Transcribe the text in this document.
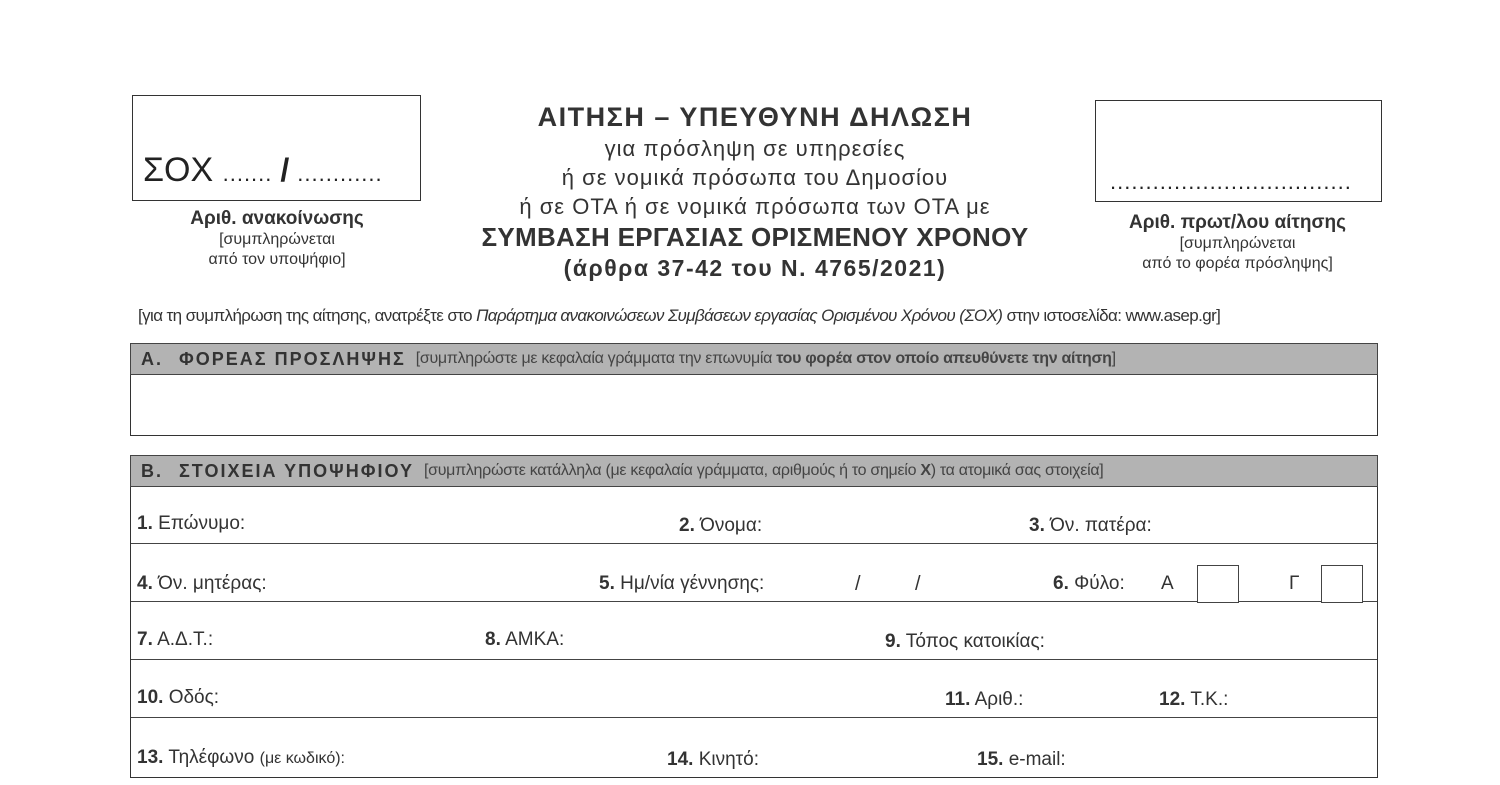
ΣΟΧ ....... / ............
Αριθ. ανακοίνωσης
[συμπληρώνεται
από τον υποψήφιο]
ΑΙΤΗΣΗ – ΥΠΕΥΘΥΝΗ ΔΗΛΩΣΗ
για πρόσληψη σε υπηρεσίες
ή σε νομικά πρόσωπα του Δημοσίου
ή σε ΟΤΑ ή σε νομικά πρόσωπα των ΟΤΑ με
ΣΥΜΒΑΣΗ ΕΡΓΑΣΙΑΣ ΟΡΙΣΜΕΝΟΥ ΧΡΟΝΟΥ
(άρθρα 37-42 του Ν. 4765/2021)
..................................
Αριθ. πρωτ/λου αίτησης
[συμπληρώνεται
από το φορέα πρόσληψης]
[για τη συμπλήρωση της αίτησης, ανατρέξτε στο Παράρτημα ανακοινώσεων Συμβάσεων εργασίας Ορισμένου Χρόνου (ΣΟΧ) στην ιστοσελίδα: www.asep.gr]
Α. ΦΟΡΕΑΣ ΠΡΟΣΛΗΨΗΣ [συμπληρώστε με κεφαλαία γράμματα την επωνυμία του φορέα στον οποίο απευθύνετε την αίτηση]
Β. ΣΤΟΙΧΕΙΑ ΥΠΟΨΗΦΙΟΥ [συμπληρώστε κατάλληλα (με κεφαλαία γράμματα, αριθμούς ή το σημείο X) τα ατομικά σας στοιχεία]
1. Επώνυμο:	2. Όνομα:	3. Όν. πατέρα:
4. Όν. μητέρας:	5. Ημ/νία γέννησης:	/	/	6. Φύλο: Α	Γ
7. Α.Δ.Τ.:	8. ΑΜΚΑ:	9. Τόπος κατοικίας:
10. Οδός:	11. Αριθ.:	12. Τ.Κ.:
13. Τηλέφωνο (με κωδικό):	14. Κινητό:	15. e-mail:
